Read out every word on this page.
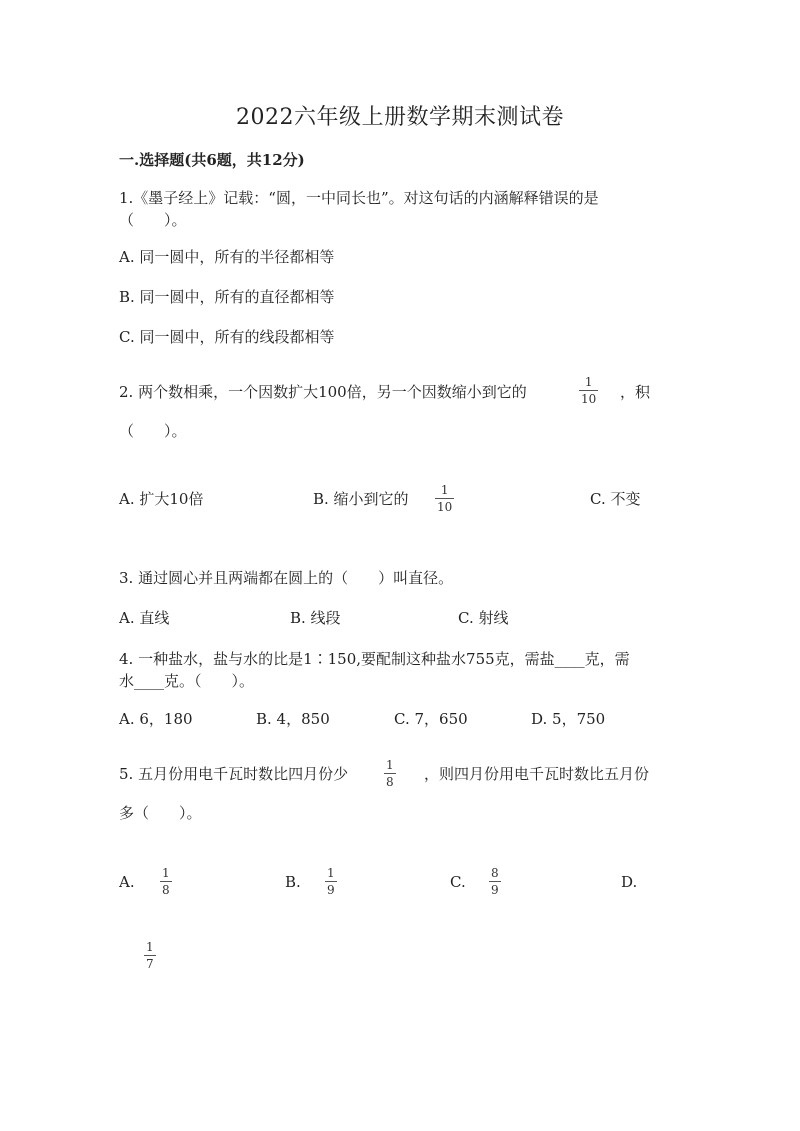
2022六年级上册数学期末测试卷
一.选择题(共6题，共12分)
1.《墨子经上》记载：“圆，一中同长也”。对这句话的内涵解释错误的是
（　　）。
A. 同一圆中，所有的半径都相等
B. 同一圆中，所有的直径都相等
C. 同一圆中，所有的线段都相等
2. 两个数相乘，一个因数扩大100倍，另一个因数缩小到它的
1
10 ，积
（　　）。
A. 扩大10倍	B. 缩小到它的	1
10	C. 不变
3. 通过圆心并且两端都在圆上的（　　）叫直径。
A. 直线	B. 线段	C. 射线
4. 一种盐水，盐与水的比是1∶150,要配制这种盐水755克，需盐____克，需
水____克。（　　）。
A. 6，180	B. 4，850	C. 7，650	D. 5，750
5. 五月份用电千瓦时数比四月份少	1
8 ，则四月份用电千瓦时数比五月份
多（　　）。
A. 1
8	B. 1
9	C. 8
9	D.
1
7
